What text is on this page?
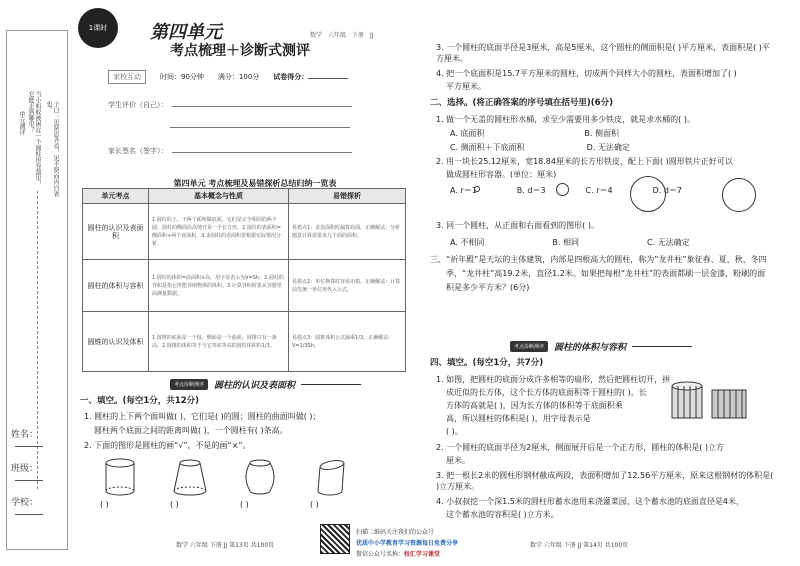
单元测评	当小蚂蚁被困在一个圆柱形容器里，它能走到哪里？	子曰：见贤思齐焉，见不贤而内自省也。
姓名：
班级：
学校：
1课时	第四单元
考点梳理＋诊断式测评
数学 六年级 下册 JJ
家校互动	时间：90分钟 满分：100分 试卷得分：
学生评价（自己）：
家长签名（签字）：
第四单元 考点梳理及易错探析总结归纳一览表
单元考点	基本概念与性质	易错探析
圆柱的认识及表面积	1.圆柱的上、下两个面叫做底面，它们是完全相同的两个圆，圆柱的侧面沿高剪开是一个长方形。2.圆柱的表面积=侧面积+两个底面积。3.求圆柱的表面积要根据实际情况分析。	易错点1：求表面积时漏算底面。正确解法：分析题意计算需要求几个面的面积。
圆柱的体积与容积	1.圆柱的体积=底面积×高，用字母表示为V=Sh。2.圆柱的容积是指它所能容纳物体的体积。3.计算容积时要从容器里面测量数据。	易错点2：单位换算时容易出错。正确解法：计算前先统一单位再代入公式。
圆锥的认识及体积	1.圆锥的底面是一个圆，侧面是一个曲面，圆锥只有一条高。2.圆锥的体积等于与它等底等高的圆柱体积的1/3。	易错点3：圆锥体积公式漏乘1/3。正确解法：V=1/3Sh。
考点诊断测评	圆柱的认识及表面积
一、填空。(每空1分，共12分)
1. 圆柱的上下两个面叫做( )，它们是( )的圆；圆柱的曲面叫做( )；
圆柱两个底面之间的距离叫做( )，一个圆柱有( )条高。
2. 下面的图形是圆柱的画“√”，不是的画“×”。
( )	( )	( )	( )
3. 一个圆柱的底面半径是3厘米，高是5厘米，这个圆柱的侧面积是( )平方厘米，表面积是( )平方厘米。
4. 把一个底面积是15.7平方厘米的圆柱，切成两个同样大小的圆柱，表面积增加了( )
平方厘米。
二、选择。(将正确答案的序号填在括号里)(6分)
1. 做一个无盖的圆柱形水桶，求至少需要用多少铁皮，就是求水桶的( )。
A. 底面积	B. 侧面积
C. 侧面积＋下底面积	D. 无法确定
2. 用一块长25.12厘米，宽18.84厘米的长方形铁皮，配上下面( )圆形铁片正好可以
做成圆柱形容器。(单位：厘米)
A. r＝1	B. d＝3	C. r＝4	D. d＝7
3. 同一个圆柱，从正面和右面看到的图形( )。
A. 不相同	B. 相同	C. 无法确定
三、“祈年殿”是天坛的主体建筑，内部是四根高大的圆柱，称为“龙井柱”象征春、夏、秋、冬四
季，“龙井柱”高19.2米，直径1.2米。如果把每根“龙井柱”的表面都刷一层金漆，粉刷的面
积是多少平方米？(6分)
考点诊断测评	圆柱的体积与容积
四、填空。(每空1分，共7分)
1. 如图，把圆柱的底面分成许多相等的扇形，然后把圆柱切开，拼
成近似的长方体，这个长方体的底面积等于圆柱的( )，长
方体的高就是( )，因为长方体的体积等于底面积乘
高，所以圆柱的体积是( )，用字母表示是
( )。
2. 一个圆柱的底面半径为2厘米，侧面展开后是一个正方形，圆柱的体积是( )立方
厘米。
3. 把一根长2米的圆柱形钢材截成两段，表面积增加了12.56平方厘米，原来这根钢材的体积是( )立方厘米。
4. 小叔叔挖一个深1.5米的圆柱形蓄水池用来浇灌菜园，这个蓄水池的底面直径是4米，
这个蓄水池的容积是( )立方米。
数学 六年级 下册 JJ 第13页 共100页
扫描二维码关注我们的公众号
优质中小学教育学习资源每日免费分享
微信公众号名称：校汇学习课堂
数学 六年级 下册 JJ 第14页 共100页
